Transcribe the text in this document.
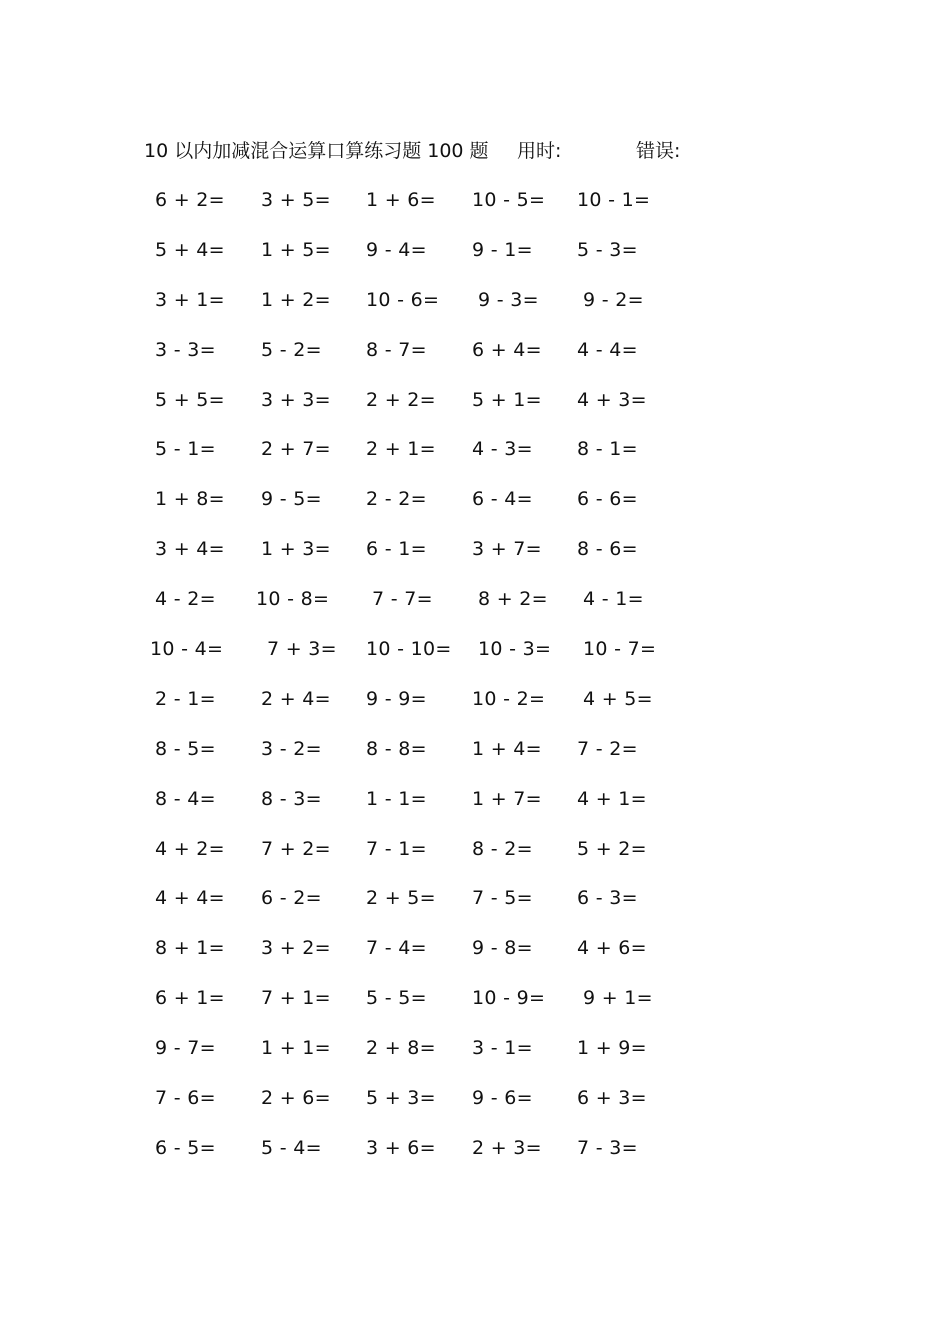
10 以内加减混合运算口算练习题 100 题 用时:	错误:
6 + 2= 3 + 5= 1 + 6= 10 - 5= 10 - 1=
5 + 4= 1 + 5= 9 - 4= 9 - 1= 5 - 3=
3 + 1= 1 + 2= 10 - 6= 9 - 3= 9 - 2=
3 - 3= 5 - 2= 8 - 7= 6 + 4= 4 - 4=
5 + 5= 3 + 3= 2 + 2= 5 + 1= 4 + 3=
5 - 1= 2 + 7= 2 + 1= 4 - 3= 8 - 1=
1 + 8= 9 - 5= 2 - 2= 6 - 4= 6 - 6=
3 + 4= 1 + 3= 6 - 1= 3 + 7= 8 - 6=
4 - 2= 10 - 8= 7 - 7= 8 + 2= 4 - 1=
10 - 4= 7 + 3= 10 - 10= 10 - 3= 10 - 7=
2 - 1= 2 + 4= 9 - 9= 10 - 2= 4 + 5=
8 - 5= 3 - 2= 8 - 8= 1 + 4= 7 - 2=
8 - 4= 8 - 3= 1 - 1= 1 + 7= 4 + 1=
4 + 2= 7 + 2= 7 - 1= 8 - 2= 5 + 2=
4 + 4= 6 - 2= 2 + 5= 7 - 5= 6 - 3=
8 + 1= 3 + 2= 7 - 4= 9 - 8= 4 + 6=
6 + 1= 7 + 1= 5 - 5= 10 - 9= 9 + 1=
9 - 7= 1 + 1= 2 + 8= 3 - 1= 1 + 9=
7 - 6= 2 + 6= 5 + 3= 9 - 6= 6 + 3=
6 - 5= 5 - 4= 3 + 6= 2 + 3= 7 - 3=
